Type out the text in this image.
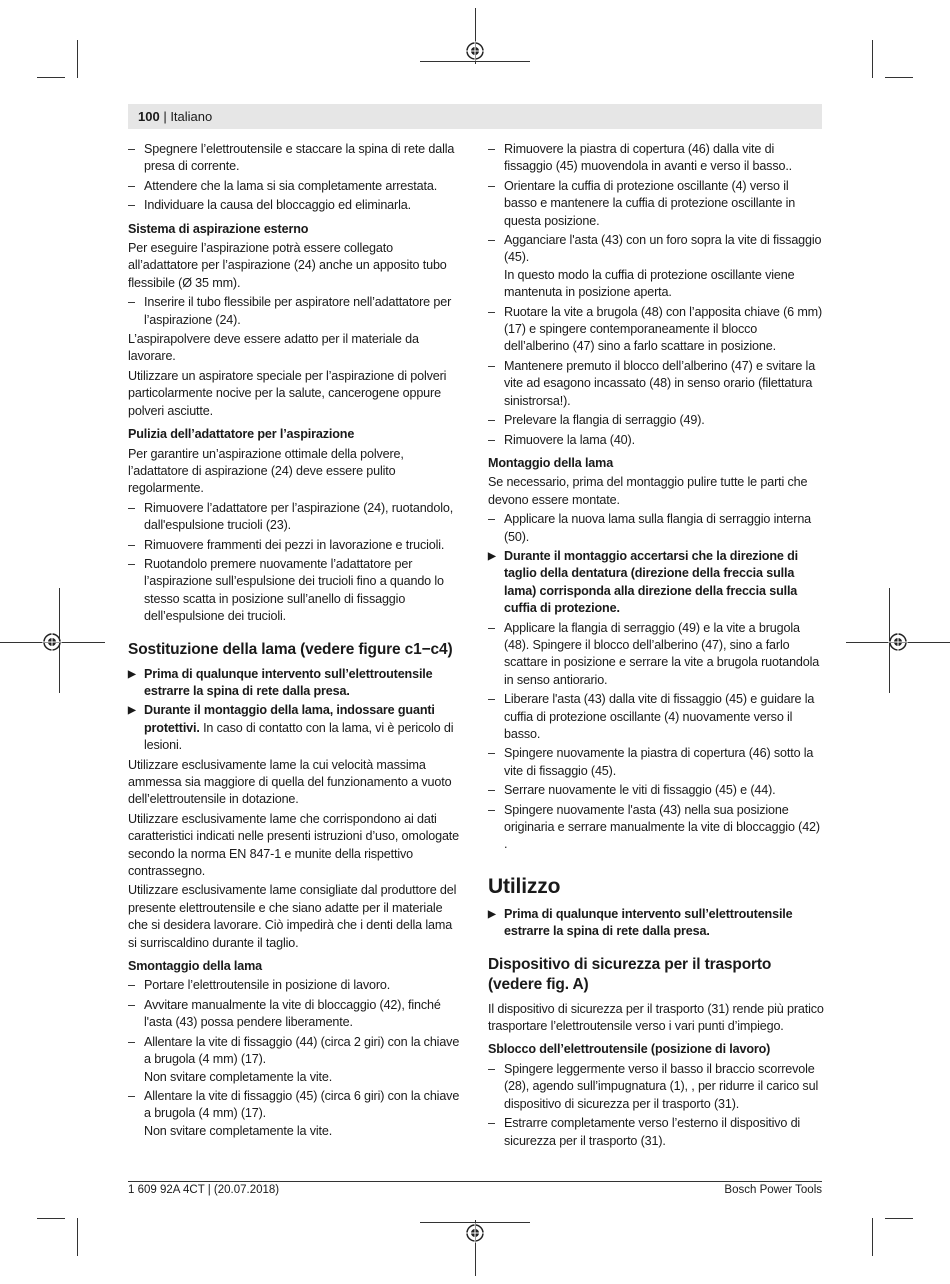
100 | Italiano
– Spegnere l’elettroutensile e staccare la spina di rete dalla presa di corrente.
– Attendere che la lama si sia completamente arrestata.
– Individuare la causa del bloccaggio ed eliminarla.
Sistema di aspirazione esterno

Per eseguire l’aspirazione potrà essere collegato all’adattatore per l’aspirazione (24) anche un apposito tubo flessibile (Ø 35 mm).

– Inserire il tubo flessibile per aspiratore nell’adattatore per l’aspirazione (24).

L’aspirapolvere deve essere adatto per il materiale da lavorare.

Utilizzare un aspiratore speciale per l’aspirazione di polveri particolarmente nocive per la salute, cancerogene oppure polveri asciutte.

Pulizia dell’adattatore per l’aspirazione

Per garantire un’aspirazione ottimale della polvere, l’adattatore di aspirazione (24) deve essere pulito regolarmente.

– Rimuovere l’adattatore per l’aspirazione (24), ruotandolo, dall'espulsione trucioli (23).
– Rimuovere frammenti dei pezzi in lavorazione e trucioli.
– Ruotandolo premere nuovamente l’adattatore per l’aspirazione sull’espulsione dei trucioli fino a quando lo stesso scatta in posizione sull’anello di fissaggio dell’espulsione dei trucioli.
Sostituzione della lama (vedere figure c1−c4)
▶ Prima di qualunque intervento sull’elettroutensile estrarre la spina di rete dalla presa.
▶ Durante il montaggio della lama, indossare guanti protettivi. In caso di contatto con la lama, vi è pericolo di lesioni.

Utilizzare esclusivamente lame la cui velocità massima ammessa sia maggiore di quella del funzionamento a vuoto dell’elettroutensile in dotazione.

Utilizzare esclusivamente lame che corrispondono ai dati caratteristici indicati nelle presenti istruzioni d’uso, omologate secondo la norma EN 847-1 e munite della rispettivo contrassegno.

Utilizzare esclusivamente lame consigliate dal produttore del presente elettroutensile e che siano adatte per il materiale che si desidera lavorare. Ciò impedirà che i denti della lama si surriscaldino durante il taglio.

Smontaggio della lama
– Portare l’elettroutensile in posizione di lavoro.
– Avvitare manualmente la vite di bloccaggio (42), finché l'asta (43) possa pendere liberamente.
– Allentare la vite di fissaggio (44) (circa 2 giri) con la chiave a brugola (4 mm) (17).
Non svitare completamente la vite.
– Allentare la vite di fissaggio (45) (circa 6 giri) con la chiave a brugola (4 mm) (17).
Non svitare completamente la vite.
– Rimuovere la piastra di copertura (46) dalla vite di fissaggio (45) muovendola in avanti e verso il basso..
– Orientare la cuffia di protezione oscillante (4) verso il basso e mantenere la cuffia di protezione oscillante in questa posizione.
– Agganciare l'asta (43) con un foro sopra la vite di fissaggio (45).
In questo modo la cuffia di protezione oscillante viene mantenuta in posizione aperta.
– Ruotare la vite a brugola (48) con l’apposita chiave (6 mm) (17) e spingere contemporaneamente il blocco dell’alberino (47) sino a farlo scattare in posizione.
– Mantenere premuto il blocco dell’alberino (47) e svitare la vite ad esagono incassato (48) in senso orario (filettatura sinistrorsa!).
– Prelevare la flangia di serraggio (49).
– Rimuovere la lama (40).
Montaggio della lama

Se necessario, prima del montaggio pulire tutte le parti che devono essere montate.

– Applicare la nuova lama sulla flangia di serraggio interna (50).
▶ Durante il montaggio accertarsi che la direzione di taglio della dentatura (direzione della freccia sulla lama) corrisponda alla direzione della freccia sulla cuffia di protezione.
– Applicare la flangia di serraggio (49) e la vite a brugola (48). Spingere il blocco dell’alberino (47), sino a farlo scattare in posizione e serrare la vite a brugola ruotandola in senso antiorario.
– Liberare l'asta (43) dalla vite di fissaggio (45) e guidare la cuffia di protezione oscillante (4) nuovamente verso il basso.
– Spingere nuovamente la piastra di copertura (46) sotto la vite di fissaggio (45).
– Serrare nuovamente le viti di fissaggio (45) e (44).
– Spingere nuovamente l'asta (43) nella sua posizione originaria e serrare manualmente la vite di bloccaggio (42) .
Utilizzo
▶ Prima di qualunque intervento sull’elettroutensile estrarre la spina di rete dalla presa.
Dispositivo di sicurezza per il trasporto (vedere fig. A)

Il dispositivo di sicurezza per il trasporto (31) rende più pratico trasportare l’elettroutensile verso i vari punti d’impiego.

Sblocco dell’elettroutensile (posizione di lavoro)
– Spingere leggermente verso il basso il braccio scorrevole (28), agendo sull’impugnatura (1), , per ridurre il carico sul dispositivo di sicurezza per il trasporto (31).
– Estrarre completamente verso l’esterno il dispositivo di sicurezza per il trasporto (31).
1 609 92A 4CT | (20.07.2018)	Bosch Power Tools
